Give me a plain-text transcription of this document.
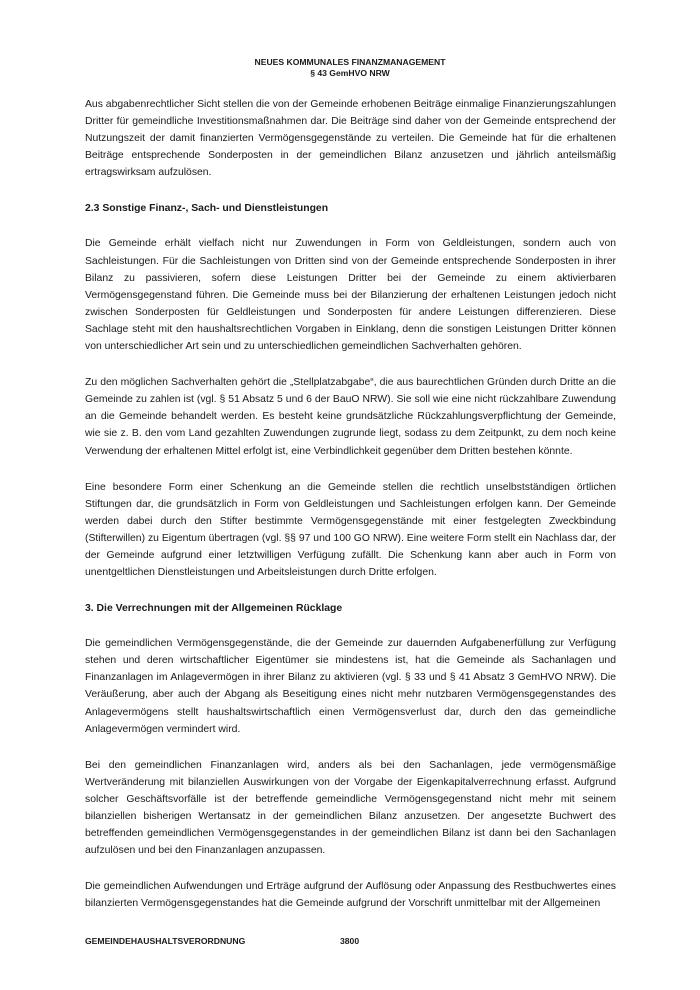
NEUES KOMMUNALES FINANZMANAGEMENT
§ 43 GemHVO NRW

Aus abgabenrechtlicher Sicht stellen die von der Gemeinde erhobenen Beiträge einmalige Finanzierungszahlungen Dritter für gemeindliche Investitionsmaßnahmen dar. Die Beiträge sind daher von der Gemeinde entsprechend der Nutzungszeit der damit finanzierten Vermögensgegenstände zu verteilen. Die Gemeinde hat für die erhaltenen Beiträge entsprechende Sonderposten in der gemeindlichen Bilanz anzusetzen und jährlich anteilsmäßig ertragswirksam aufzulösen.

2.3 Sonstige Finanz-, Sach- und Dienstleistungen

Die Gemeinde erhält vielfach nicht nur Zuwendungen in Form von Geldleistungen, sondern auch von Sachleistungen. Für die Sachleistungen von Dritten sind von der Gemeinde entsprechende Sonderposten in ihrer Bilanz zu passivieren, sofern diese Leistungen Dritter bei der Gemeinde zu einem aktivierbaren Vermögensgegenstand führen. Die Gemeinde muss bei der Bilanzierung der erhaltenen Leistungen jedoch nicht zwischen Sonderposten für Geldleistungen und Sonderposten für andere Leistungen differenzieren. Diese Sachlage steht mit den haushaltsrechtlichen Vorgaben in Einklang, denn die sonstigen Leistungen Dritter können von unterschiedlicher Art sein und zu unterschiedlichen gemeindlichen Sachverhalten gehören.

Zu den möglichen Sachverhalten gehört die „Stellplatzabgabe“, die aus baurechtlichen Gründen durch Dritte an die Gemeinde zu zahlen ist (vgl. § 51 Absatz 5 und 6 der BauO NRW). Sie soll wie eine nicht rückzahlbare Zuwendung an die Gemeinde behandelt werden. Es besteht keine grundsätzliche Rückzahlungsverpflichtung der Gemeinde, wie sie z. B. den vom Land gezahlten Zuwendungen zugrunde liegt, sodass zu dem Zeitpunkt, zu dem noch keine Verwendung der erhaltenen Mittel erfolgt ist, eine Verbindlichkeit gegenüber dem Dritten bestehen könnte.

Eine besondere Form einer Schenkung an die Gemeinde stellen die rechtlich unselbstständigen örtlichen Stiftungen dar, die grundsätzlich in Form von Geldleistungen und Sachleistungen erfolgen kann. Der Gemeinde werden dabei durch den Stifter bestimmte Vermögensgegenstände mit einer festgelegten Zweckbindung (Stifterwillen) zu Eigentum übertragen (vgl. §§ 97 und 100 GO NRW). Eine weitere Form stellt ein Nachlass dar, der der Gemeinde aufgrund einer letztwilligen Verfügung zufällt. Die Schenkung kann aber auch in Form von unentgeltlichen Dienstleistungen und Arbeitsleistungen durch Dritte erfolgen.

3. Die Verrechnungen mit der Allgemeinen Rücklage

Die gemeindlichen Vermögensgegenstände, die der Gemeinde zur dauernden Aufgabenerfüllung zur Verfügung stehen und deren wirtschaftlicher Eigentümer sie mindestens ist, hat die Gemeinde als Sachanlagen und Finanzanlagen im Anlagevermögen in ihrer Bilanz zu aktivieren (vgl. § 33 und § 41 Absatz 3 GemHVO NRW). Die Veräußerung, aber auch der Abgang als Beseitigung eines nicht mehr nutzbaren Vermögensgegenstandes des Anlagevermögens stellt haushaltswirtschaftlich einen Vermögensverlust dar, durch den das gemeindliche Anlagevermögen vermindert wird.

Bei den gemeindlichen Finanzanlagen wird, anders als bei den Sachanlagen, jede vermögensmäßige Wertveränderung mit bilanziellen Auswirkungen von der Vorgabe der Eigenkapitalverrechnung erfasst. Aufgrund solcher Geschäftsvorfälle ist der betreffende gemeindliche Vermögensgegenstand nicht mehr mit seinem bilanziellen bisherigen Wertansatz in der gemeindlichen Bilanz anzusetzen. Der angesetzte Buchwert des betreffenden gemeindlichen Vermögensgegenstandes in der gemeindlichen Bilanz ist dann bei den Sachanlagen aufzulösen und bei den Finanzanlagen anzupassen.

Die gemeindlichen Aufwendungen und Erträge aufgrund der Auflösung oder Anpassung des Restbuchwertes eines bilanzierten Vermögensgegenstandes hat die Gemeinde aufgrund der Vorschrift unmittelbar mit der Allgemeinen

GEMEINDEHAUSHALTSVERORDNUNG	3800
